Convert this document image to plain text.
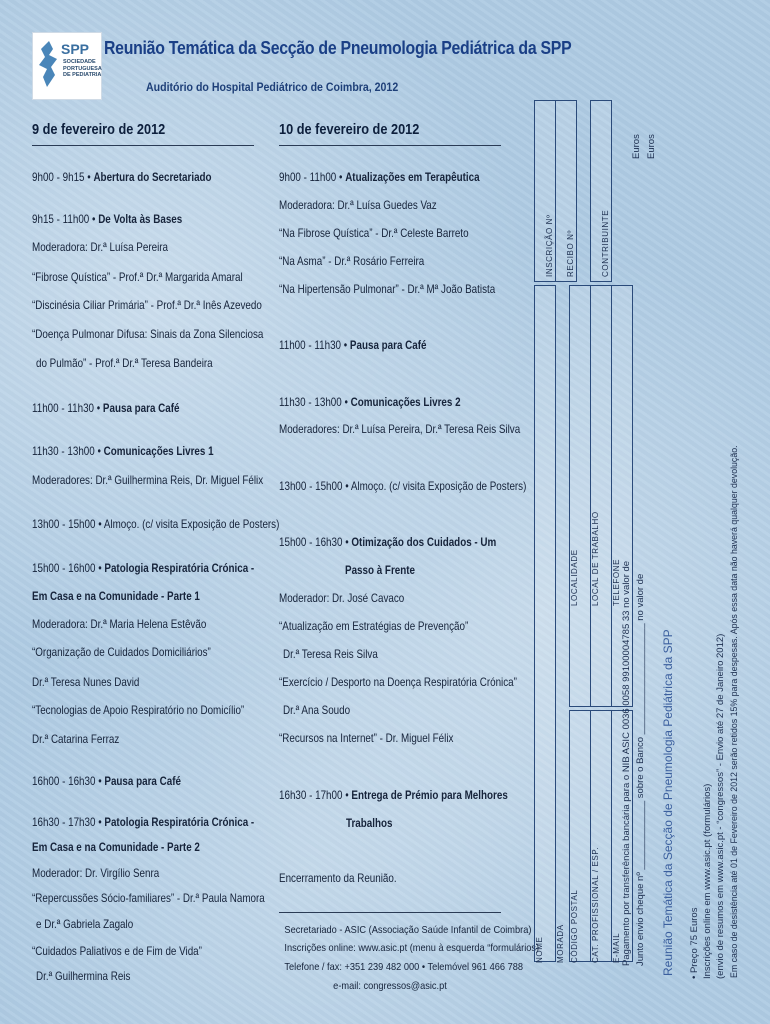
SPP
SOCIEDADE
PORTUGUESA
DE PEDIATRIA
Reunião Temática da Secção de Pneumologia Pediátrica da SPP
Auditório do Hospital Pediátrico de Coimbra, 2012
9 de fevereiro de 2012
9h00 - 9h15 • Abertura do Secretariado
9h15 - 11h00 • De Volta às Bases
Moderadora: Dr.ª Luísa Pereira
“Fibrose Quística” - Prof.ª Dr.ª Margarida Amaral
“Discinésia Ciliar Primária” - Prof.ª Dr.ª Inês Azevedo
“Doença Pulmonar Difusa: Sinais da Zona Silenciosa
do Pulmão” - Prof.ª Dr.ª Teresa Bandeira
11h00 - 11h30 • Pausa para Café
11h30 - 13h00 • Comunicações Livres 1
Moderadores: Dr.ª Guilhermina Reis, Dr. Miguel Félix
13h00 - 15h00 • Almoço. (c/ visita Exposição de Posters)
15h00 - 16h00 • Patologia Respiratória Crónica -
Em Casa e na Comunidade - Parte 1
Moderadora: Dr.ª Maria Helena Estêvão
“Organização de Cuidados Domiciliários”
Dr.ª Teresa Nunes David
“Tecnologias de Apoio Respiratório no Domicílio”
Dr.ª Catarina Ferraz
16h00 - 16h30 • Pausa para Café
16h30 - 17h30 • Patologia Respiratória Crónica -
Em Casa e na Comunidade - Parte 2
Moderador: Dr. Virgílio Senra
“Repercussões Sócio-familiares” - Dr.ª Paula Namora
e Dr.ª Gabriela Zagalo
“Cuidados Paliativos e de Fim de Vida”
Dr.ª Guilhermina Reis
10 de fevereiro de 2012
9h00 - 11h00 • Atualizações em Terapêutica
Moderadora: Dr.ª Luísa Guedes Vaz
“Na Fibrose Quística” - Dr.ª Celeste Barreto
“Na Asma” - Dr.ª Rosário Ferreira
“Na Hipertensão Pulmonar” - Dr.ª Mª João Batista
11h00 - 11h30 • Pausa para Café
11h30 - 13h00 • Comunicações Livres 2
Moderadores: Dr.ª Luísa Pereira, Dr.ª Teresa Reis Silva
13h00 - 15h00 • Almoço. (c/ visita Exposição de Posters)
15h00 - 16h30 • Otimização dos Cuidados - Um
Passo à Frente
Moderador: Dr. José Cavaco
“Atualização em Estratégias de Prevenção”
Dr.ª Teresa Reis Silva
“Exercício / Desporto na Doença Respiratória Crónica”
Dr.ª Ana Soudo
“Recursos na Internet” - Dr. Miguel Félix
16h30 - 17h00 • Entrega de Prémio para Melhores
Trabalhos
Encerramento da Reunião.
Secretariado - ASIC (Associação Saúde Infantil de Coimbra)
Inscrições online: www.asic.pt (menu à esquerda “formulários)
Telefone / fax: +351 239 482 000 • Telemóvel 961 466 788
e-mail: congressos@asic.pt
INSCRIÇÃO Nº RECIBO Nº	CONTRIBUINTE
Euros Euros
LOCALIDADE LOCAL DE TRABALHO TELEFONE
NOME MORADA CÓDIGO POSTAL CAT. PROFISSIONAL / ESP. E-MAIL Pagamento por transferência bancária para o NIB ASIC 0036 0058 99100004785 33 no valor de Junto envio cheque nº _____________ sobre o Banco _____________________ no valor de Reunião Temática da Secção de Pneumologia Pediátrica da SPP • Preço 75 Euros Inscrições online em www.asic.pt (formulários) (envio de resumos em www.asic.pt - “congressos” - Envio até 27 de Janeiro 2012) Em caso de desistência até 01 de Fevereiro de 2012 serão retidos 15% para despesas. Após essa data não haverá qualquer devolução.
